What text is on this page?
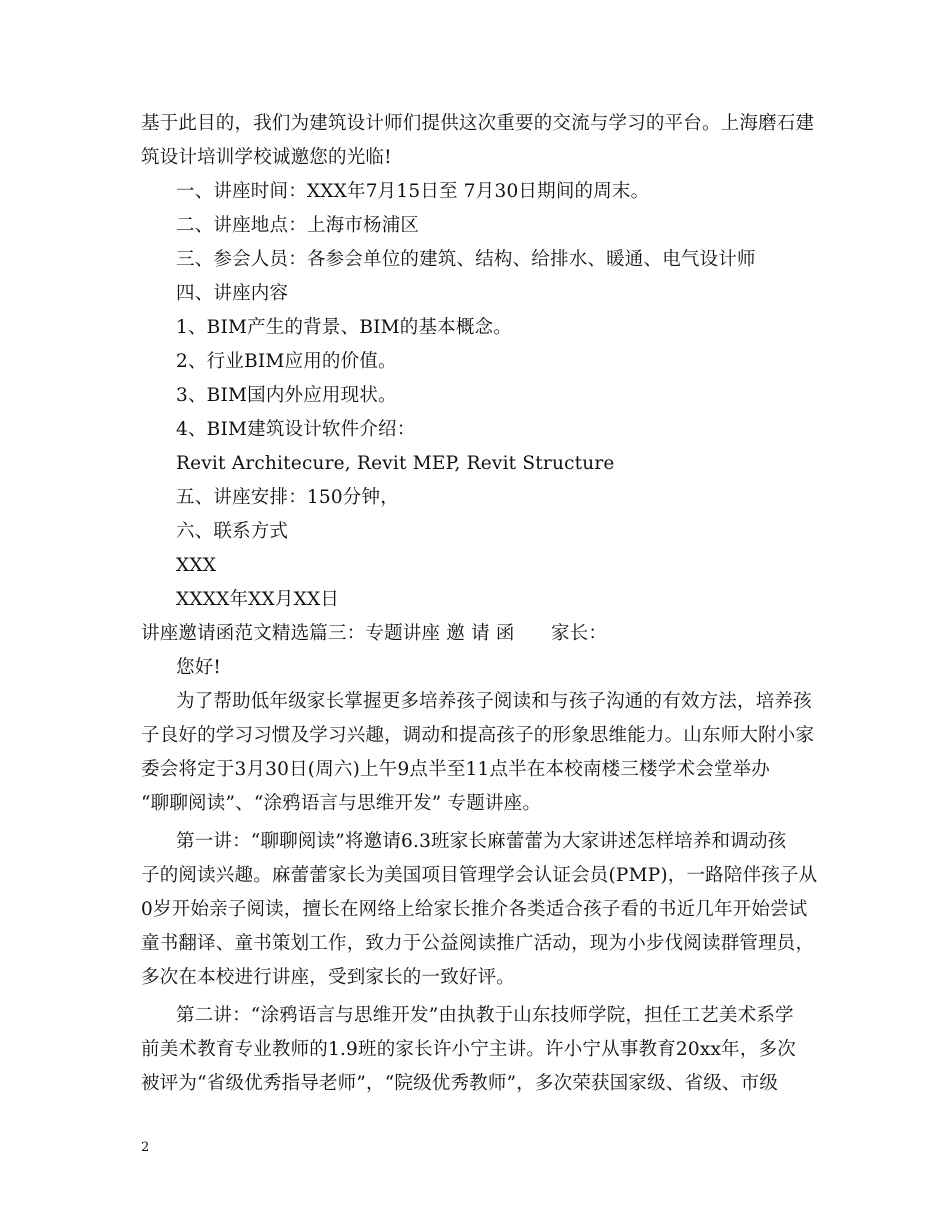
基于此目的，我们为建筑设计师们提供这次重要的交流与学习的平台。上海磨石建
筑设计培训学校诚邀您的光临!
一、讲座时间：XXX年7月15日至 7月30日期间的周末。
二、讲座地点：上海市杨浦区
三、参会人员：各参会单位的建筑、结构、给排水、暖通、电气设计师
四、讲座内容
1、BIM产生的背景、BIM的基本概念。
2、行业BIM应用的价值。
3、BIM国内外应用现状。
4、BIM建筑设计软件介绍：
Revit Architecure, Revit MEP, Revit Structure
五、讲座安排：150分钟，
六、联系方式
XXX
XXXX年XX月XX日
讲座邀请函范文精选篇三：专题讲座 邀 请 函      家长：
您好!
为了帮助低年级家长掌握更多培养孩子阅读和与孩子沟通的有效方法，培养孩
子良好的学习习惯及学习兴趣，调动和提高孩子的形象思维能力。山东师大附小家
委会将定于3月30日(周六)上午9点半至11点半在本校南楼三楼学术会堂举办
“聊聊阅读”、“涂鸦语言与思维开发” 专题讲座。
第一讲：“聊聊阅读”将邀请6.3班家长麻蕾蕾为大家讲述怎样培养和调动孩
子的阅读兴趣。麻蕾蕾家长为美国项目管理学会认证会员(PMP)，一路陪伴孩子从
0岁开始亲子阅读，擅长在网络上给家长推介各类适合孩子看的书近几年开始尝试
童书翻译、童书策划工作，致力于公益阅读推广活动，现为小步伐阅读群管理员，
多次在本校进行讲座，受到家长的一致好评。
第二讲：“涂鸦语言与思维开发”由执教于山东技师学院，担任工艺美术系学
前美术教育专业教师的1.9班的家长许小宁主讲。许小宁从事教育20xx年，多次
被评为“省级优秀指导老师”，“院级优秀教师”，多次荣获国家级、省级、市级
2
